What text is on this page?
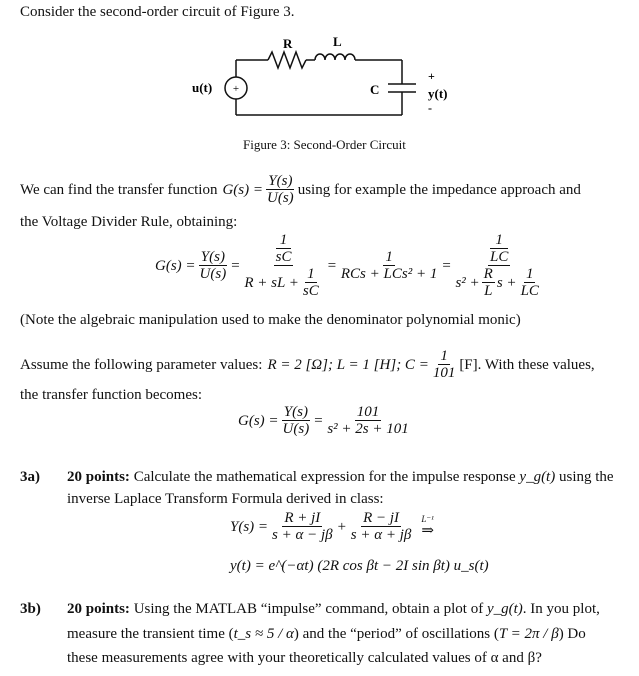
Consider the second-order circuit of Figure 3.
+
u(t)
R	L
C
+
y(t)
-
Figure 3: Second-Order Circuit
We can find the transfer function $G(s) = \frac{Y(s)}{U(s)}$ using for example the impedance approach and
the Voltage Divider Rule, obtaining:
$G(s) = \frac{Y(s)}{U(s)} = 1$
sC
R + sL + $\frac{1}{sC} = \frac{1}{\text{RCs + LCs² + 1}}$ =
1
LC
$s^2 + \frac{R}{L}$ $s + \frac{1}{LC}$
(Note the algebraic manipulation used to make the denominator polynomial monic)
Assume the following parameter values: R = 2 [Ω]; L = 1 [H]; $C = \frac{1}{101} [F]$. With these values,
the transfer function becomes:
$G(s) = \frac{Y(s)}{U(s)} = \frac{101}{\text{s² + 2s + 101}}$
3a) 20 points: Calculate the mathematical expression for the impulse response y_g(t) using the
inverse Laplace Transform Formula derived in class:
$Y(s) = \frac{R + jI}{s + \alpha - j\beta} + \frac{R - jI}{s + \alpha + j\beta} L^{-1}$
⇒
y(t) = e^(−αt) (2R cos βt − 2I sin βt) u_s(t)
3b) 20 points: Using the MATLAB “impulse” command, obtain a plot of y_g(t). In you plot,
measure the transient time (t_s ≈ 5 / α) and the “period” of oscillations (T = 2π / β) Do
these measurements agree with your theoretically calculated values of α and β?
